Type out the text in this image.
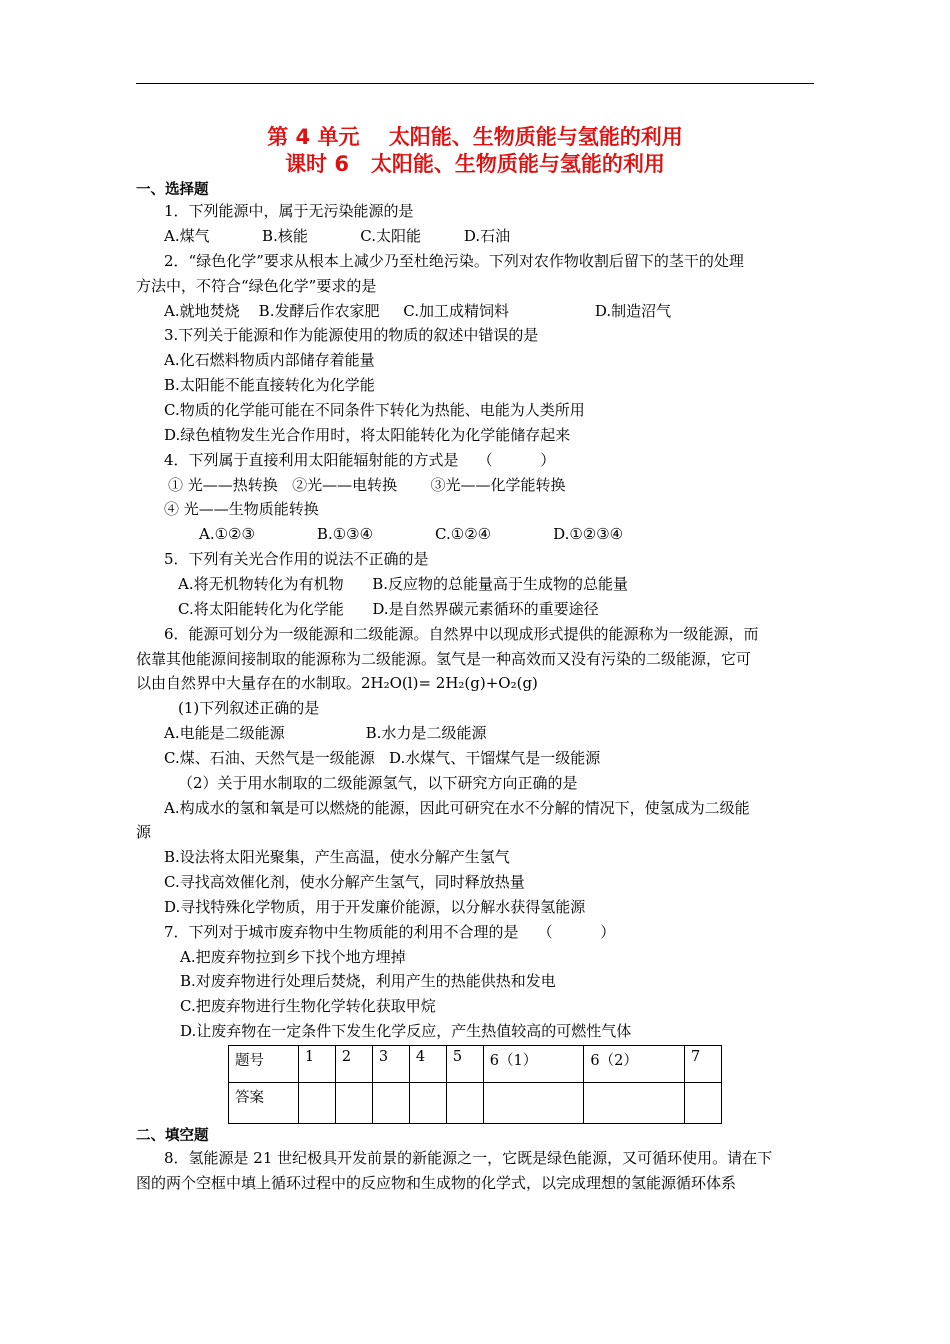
第 4 单元    太阳能、生物质能与氢能的利用
课时 6   太阳能、生物质能与氢能的利用
一、选择题
1．下列能源中，属于无污染能源的是
A.煤气           B.核能           C.太阳能         D.石油
2．“绿色化学”要求从根本上减少乃至杜绝污染。下列对农作物收割后留下的茎干的处理
方法中，不符合“绿色化学”要求的是
A.就地焚烧    B.发酵后作农家肥     C.加工成精饲料                  D.制造沼气
3.下列关于能源和作为能源使用的物质的叙述中错误的是
A.化石燃料物质内部储存着能量
B.太阳能不能直接转化为化学能
C.物质的化学能可能在不同条件下转化为热能、电能为人类所用
D.绿色植物发生光合作用时，将太阳能转化为化学能储存起来
4．下列属于直接利用太阳能辐射能的方式是    （          ）
① 光——热转换   ②光——电转换       ③光——化学能转换
④ 光——生物质能转换
A.①②③             B.①③④             C.①②④             D.①②③④
5．下列有关光合作用的说法不正确的是
A.将无机物转化为有机物      B.反应物的总能量高于生成物的总能量
C.将太阳能转化为化学能      D.是自然界碳元素循环的重要途径
6．能源可划分为一级能源和二级能源。自然界中以现成形式提供的能源称为一级能源，而
依靠其他能源间接制取的能源称为二级能源。氢气是一种高效而又没有污染的二级能源，它可
以由自然界中大量存在的水制取。2H₂O(l)= 2H₂(g)+O₂(g)
(1)下列叙述正确的是
A.电能是二级能源                 B.水力是二级能源
C.煤、石油、天然气是一级能源   D.水煤气、干馏煤气是一级能源
（2）关于用水制取的二级能源氢气，以下研究方向正确的是
A.构成水的氢和氧是可以燃烧的能源，因此可研究在水不分解的情况下，使氢成为二级能
源
B.设法将太阳光聚集，产生高温，使水分解产生氢气
C.寻找高效催化剂，使水分解产生氢气，同时释放热量
D.寻找特殊化学物质，用于开发廉价能源，以分解水获得氢能源
7．下列对于城市废弃物中生物质能的利用不合理的是    （          ）
A.把废弃物拉到乡下找个地方埋掉
B.对废弃物进行处理后焚烧，利用产生的热能供热和发电
C.把废弃物进行生物化学转化获取甲烷
D.让废弃物在一定条件下发生化学反应，产生热值较高的可燃性气体
题号	1	2	3	4	5	6（1）	6（2）	7
答案								
二、填空题
8．氢能源是 21 世纪极具开发前景的新能源之一，它既是绿色能源，又可循环使用。请在下
图的两个空框中填上循环过程中的反应物和生成物的化学式，以完成理想的氢能源循环体系
